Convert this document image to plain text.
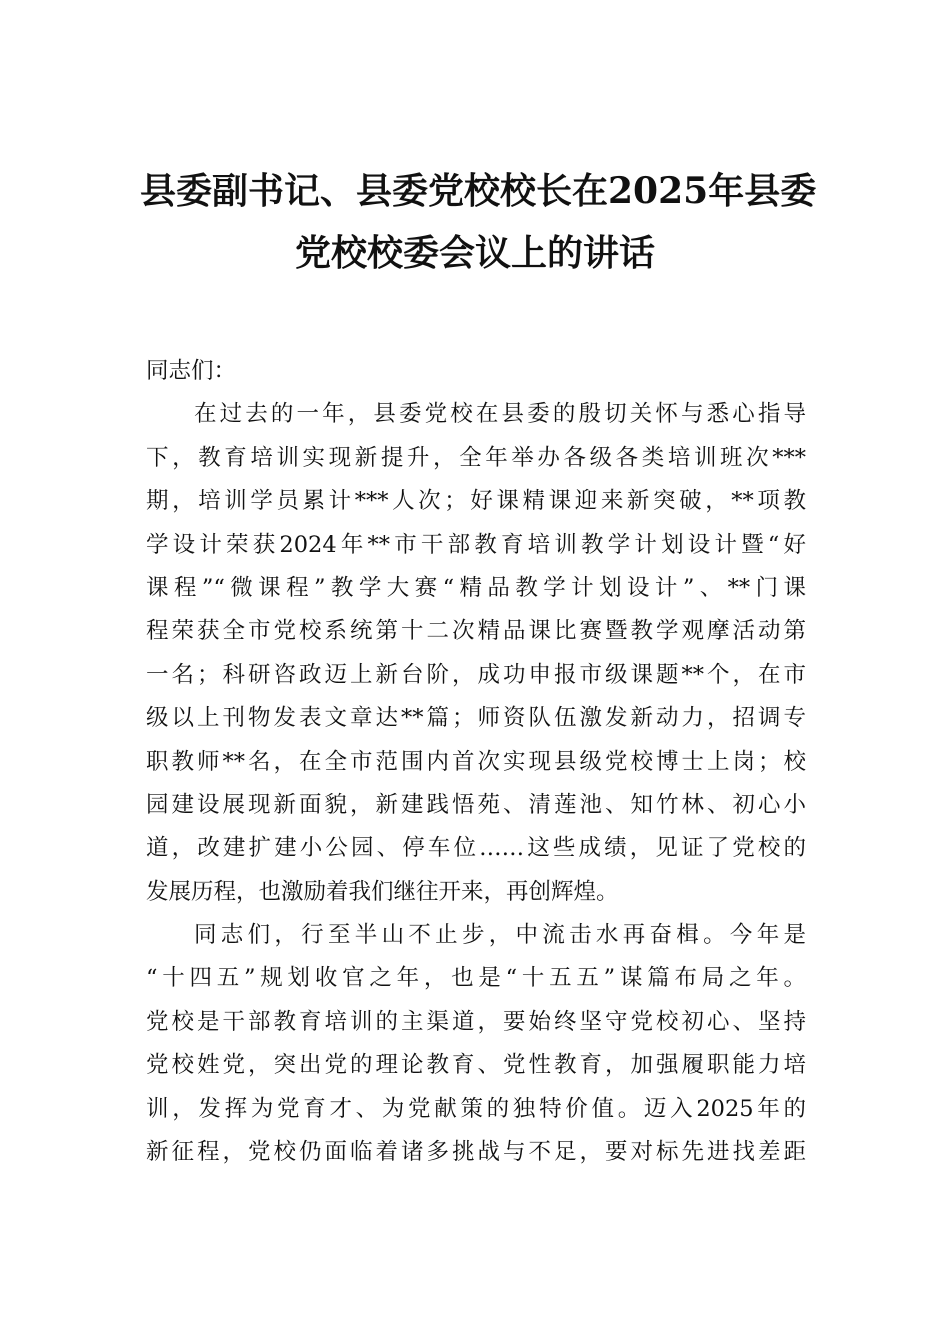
县委副书记、县委党校校长在2025年县委
党校校委会议上的讲话
同志们：
在过去的一年，县委党校在县委的殷切关怀与悉心指导
下，教育培训实现新提升，全年举办各级各类培训班次***
期，培训学员累计***人次；好课精课迎来新突破，**项教
学设计荣获2024年**市干部教育培训教学计划设计暨“好
课程”“微课程”教学大赛“精品教学计划设计”、**门课
程荣获全市党校系统第十二次精品课比赛暨教学观摩活动第
一名；科研咨政迈上新台阶，成功申报市级课题**个，在市
级以上刊物发表文章达**篇；师资队伍激发新动力，招调专
职教师**名，在全市范围内首次实现县级党校博士上岗；校
园建设展现新面貌，新建践悟苑、清莲池、知竹林、初心小
道，改建扩建小公园、停车位……这些成绩，见证了党校的
发展历程，也激励着我们继往开来，再创辉煌。
同志们，行至半山不止步，中流击水再奋楫。今年是
“十四五”规划收官之年，也是“十五五”谋篇布局之年。
党校是干部教育培训的主渠道，要始终坚守党校初心、坚持
党校姓党，突出党的理论教育、党性教育，加强履职能力培
训，发挥为党育才、为党献策的独特价值。迈入2025年的
新征程，党校仍面临着诸多挑战与不足，要对标先进找差距
